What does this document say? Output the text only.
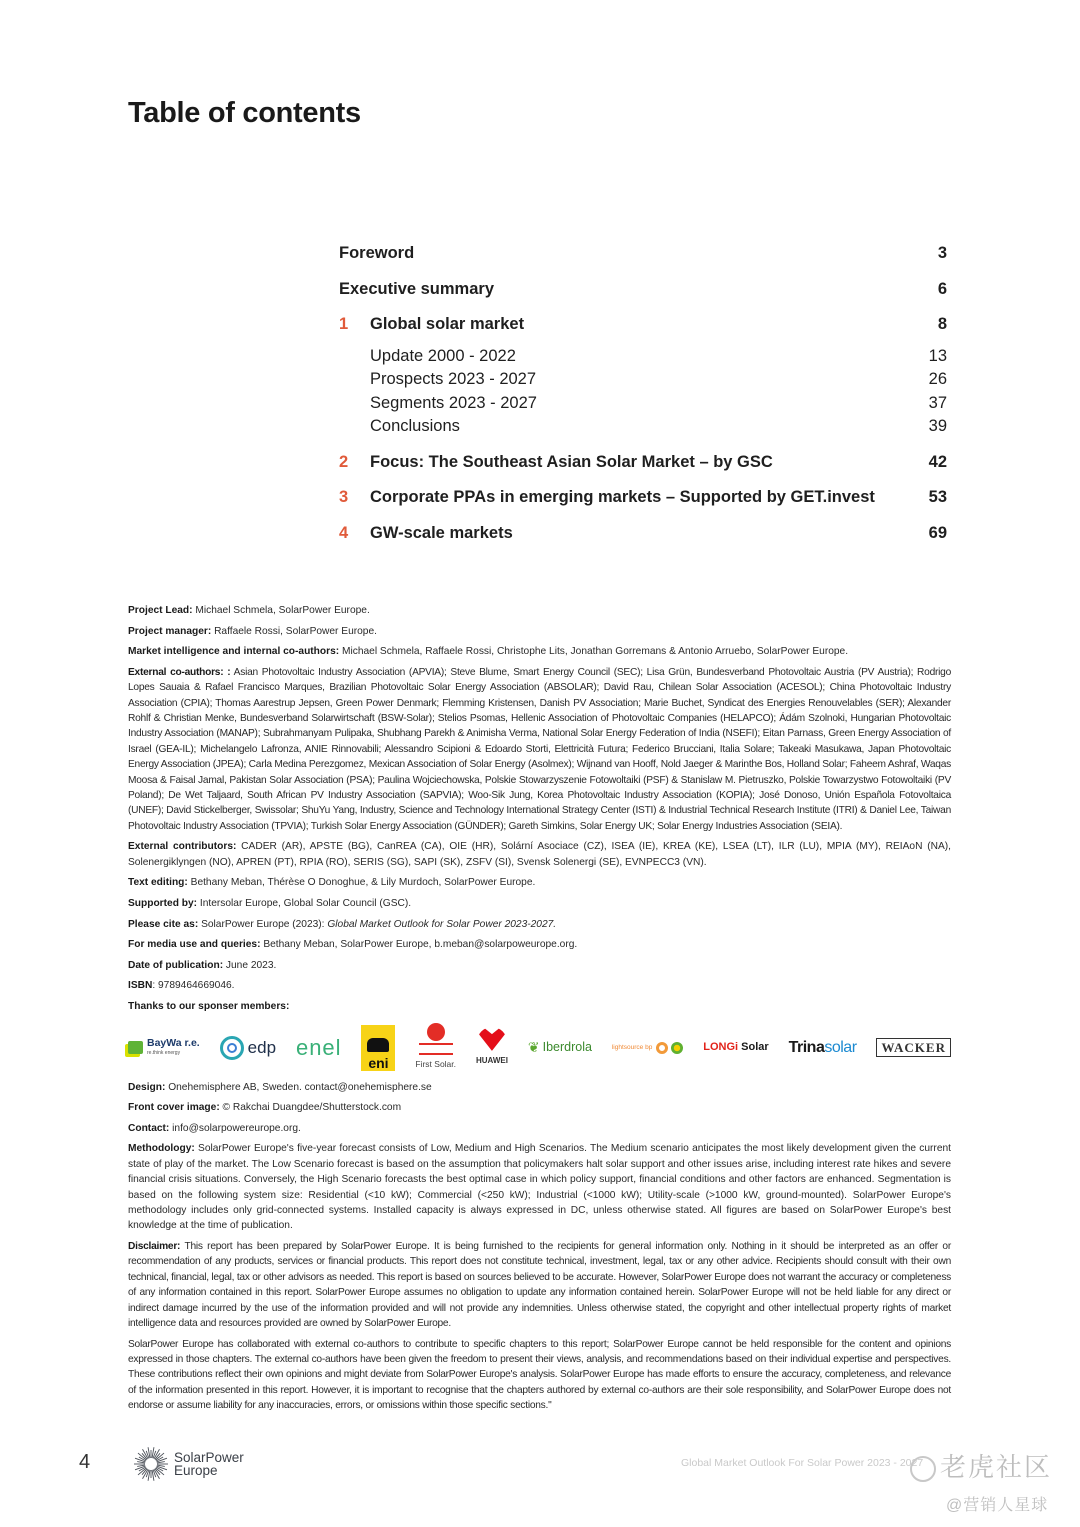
Table of contents
Foreword	3
Executive summary	6
1 Global solar market	8
Update 2000 - 2022	13
Prospects 2023 - 2027	26
Segments 2023 - 2027	37
Conclusions	39
2 Focus: The Southeast Asian Solar Market – by GSC	42
3 Corporate PPAs in emerging markets – Supported by GET.invest	53
4 GW-scale markets	69

Project Lead: Michael Schmela, SolarPower Europe.

Project manager: Raffaele Rossi, SolarPower Europe.

Market intelligence and internal co-authors: Michael Schmela, Raffaele Rossi, Christophe Lits, Jonathan Gorremans & Antonio Arruebo, SolarPower Europe.

External co-authors: : Asian Photovoltaic Industry Association (APVIA); Steve Blume, Smart Energy Council (SEC); Lisa Grün, Bundesverband Photovoltaic Austria (PV Austria); Rodrigo Lopes Sauaia & Rafael Francisco Marques, Brazilian Photovoltaic Solar Energy Association (ABSOLAR); David Rau, Chilean Solar Association (ACESOL); China Photovoltaic Industry Association (CPIA); Thomas Aarestrup Jepsen, Green Power Denmark; Flemming Kristensen, Danish PV Association; Marie Buchet, Syndicat des Energies Renouvelables (SER); Alexander Rohlf & Christian Menke, Bundesverband Solarwirtschaft (BSW-Solar); Stelios Psomas, Hellenic Association of Photovoltaic Companies (HELAPCO); Ádám Szolnoki, Hungarian Photovoltaic Industry Association (MANAP); Subrahmanyam Pulipaka, Shubhang Parekh & Animisha Verma, National Solar Energy Federation of India (NSEFI); Eitan Parnass, Green Energy Association of Israel (GEA-IL); Michelangelo Lafronza, ANIE Rinnovabili; Alessandro Scipioni & Edoardo Storti, Elettricità Futura; Federico Brucciani, Italia Solare; Takeaki Masukawa, Japan Photovoltaic Energy Association (JPEA); Carla Medina Perezgomez, Mexican Association of Solar Energy (Asolmex); Wijnand van Hooff, Nold Jaeger & Marinthe Bos, Holland Solar; Faheem Ashraf, Waqas Moosa & Faisal Jamal, Pakistan Solar Association (PSA); Paulina Wojciechowska, Polskie Stowarzyszenie Fotowoltaiki (PSF) & Stanislaw M. Pietruszko, Polskie Towarzystwo Fotowoltaiki (PV Poland); De Wet Taljaard, South African PV Industry Association (SAPVIA); Woo-Sik Jung, Korea Photovoltaic Industry Association (KOPIA); José Donoso, Unión Española Fotovoltaica (UNEF); David Stickelberger, Swissolar; ShuYu Yang, Industry, Science and Technology International Strategy Center (ISTI) & Industrial Technical Research Institute (ITRI) & Daniel Lee, Taiwan Photovoltaic Industry Association (TPVIA); Turkish Solar Energy Association (GÜNDER); Gareth Simkins, Solar Energy UK; Solar Energy Industries Association (SEIA).

External contributors: CADER (AR), APSTE (BG), CanREA (CA), OIE (HR), Solární Asociace (CZ), ISEA (IE), KREA (KE), LSEA (LT), ILR (LU), MPIA (MY), REIAoN (NA), Solenergiklyngen (NO), APREN (PT), RPIA (RO), SERIS (SG), SAPI (SK), ZSFV (SI), Svensk Solenergi (SE), EVNPECC3 (VN).

Text editing: Bethany Meban, Thérèse O Donoghue, & Lily Murdoch, SolarPower Europe.

Supported by: Intersolar Europe, Global Solar Council (GSC).

Please cite as: SolarPower Europe (2023): Global Market Outlook for Solar Power 2023-2027.

For media use and queries: Bethany Meban, SolarPower Europe, b.meban@solarpoweurope.org.

Date of publication: June 2023.

ISBN: 9789464669046.

Thanks to our sponser members:

BayWa r.e.
re.think energy	edp enel
eni	First Solar. HUAWEI
❦ Iberdrola	lightsource bp	LONGi Solar Trinasolar WACKER

Design: Onehemisphere AB, Sweden. contact@onehemisphere.se

Front cover image: © Rakchai Duangdee/Shutterstock.com

Contact: info@solarpowereurope.org.

Methodology: SolarPower Europe's five-year forecast consists of Low, Medium and High Scenarios. The Medium scenario anticipates the most likely development given the current state of play of the market. The Low Scenario forecast is based on the assumption that policymakers halt solar support and other issues arise, including interest rate hikes and severe financial crisis situations. Conversely, the High Scenario forecasts the best optimal case in which policy support, financial conditions and other factors are enhanced. Segmentation is based on the following system size: Residential (<10 kW); Commercial (<250 kW); Industrial (<1000 kW); Utility-scale (>1000 kW, ground-mounted). SolarPower Europe's methodology includes only grid-connected systems. Installed capacity is always expressed in DC, unless otherwise stated. All figures are based on SolarPower Europe's best knowledge at the time of publication.

Disclaimer: This report has been prepared by SolarPower Europe. It is being furnished to the recipients for general information only. Nothing in it should be interpreted as an offer or recommendation of any products, services or financial products. This report does not constitute technical, investment, legal, tax or any other advice. Recipients should consult with their own technical, financial, legal, tax or other advisors as needed. This report is based on sources believed to be accurate. However, SolarPower Europe does not warrant the accuracy or completeness of any information contained in this report. SolarPower Europe assumes no obligation to update any information contained herein. SolarPower Europe will not be held liable for any direct or indirect damage incurred by the use of the information provided and will not provide any indemnities. Unless otherwise stated, the copyright and other intellectual property rights of market intelligence data and resources provided are owned by SolarPower Europe.

SolarPower Europe has collaborated with external co-authors to contribute to specific chapters to this report; SolarPower Europe cannot be held responsible for the content and opinions expressed in those chapters. The external co-authors have been given the freedom to present their views, analysis, and recommendations based on their individual expertise and perspectives. These contributions reflect their own opinions and might deviate from SolarPower Europe's analysis. SolarPower Europe has made efforts to ensure the accuracy, completeness, and relevance of the information presented in this report. However, it is important to recognise that the chapters authored by external co-authors are their sole responsibility, and SolarPower Europe does not endorse or assume liability for any inaccuracies, errors, or omissions within those specific sections."

4	SolarPower
Europe	Global Market Outlook For Solar Power 2023 - 2027 老虎社区
@营销人星球
